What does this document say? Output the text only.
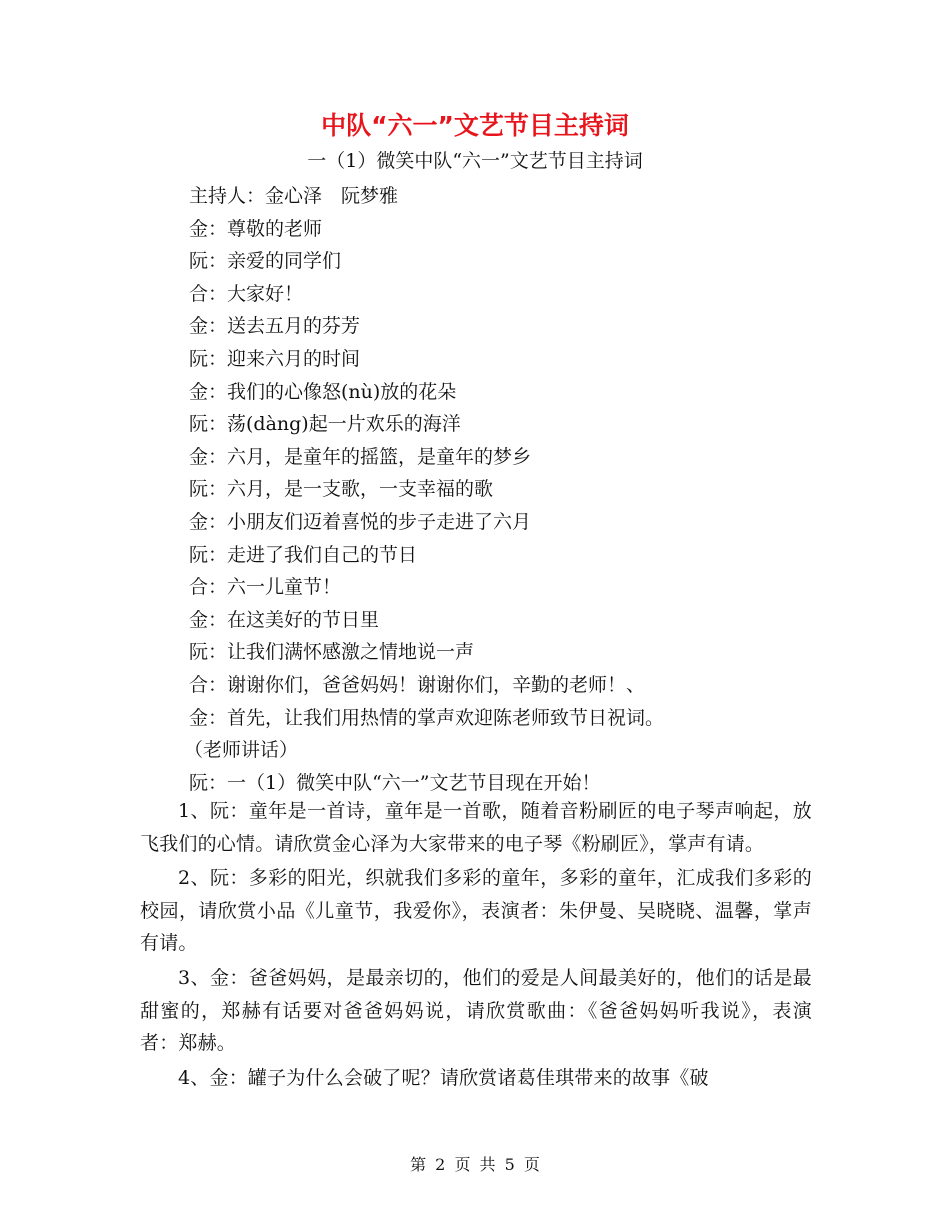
中队“六一”文艺节目主持词
一（1）微笑中队“六一”文艺节目主持词
主持人：金心泽　阮梦雅
金：尊敬的老师
阮：亲爱的同学们
合：大家好！
金：送去五月的芬芳
阮：迎来六月的时间
金：我们的心像怒(nù)放的花朵
阮：荡(dàng)起一片欢乐的海洋
金：六月，是童年的摇篮，是童年的梦乡
阮：六月，是一支歌，一支幸福的歌
金：小朋友们迈着喜悦的步子走进了六月
阮：走进了我们自己的节日
合：六一儿童节！
金：在这美好的节日里
阮：让我们满怀感激之情地说一声
合：谢谢你们，爸爸妈妈！谢谢你们，辛勤的老师！、
金：首先，让我们用热情的掌声欢迎陈老师致节日祝词。
（老师讲话）
阮：一（1）微笑中队“六一”文艺节目现在开始！

1、阮：童年是一首诗，童年是一首歌，随着音粉刷匠的电子琴声响起，放飞我们的心情。请欣赏金心泽为大家带来的电子琴《粉刷匠》，掌声有请。

2、阮：多彩的阳光，织就我们多彩的童年，多彩的童年，汇成我们多彩的校园，请欣赏小品《儿童节，我爱你》，表演者：朱伊曼、吴晓晓、温馨，掌声有请。

3、金：爸爸妈妈，是最亲切的，他们的爱是人间最美好的，他们的话是最甜蜜的，郑赫有话要对爸爸妈妈说，请欣赏歌曲：《爸爸妈妈听我说》，表演者：郑赫。

4、金：罐子为什么会破了呢？请欣赏诸葛佳琪带来的故事《破

第 2 页 共 5 页
